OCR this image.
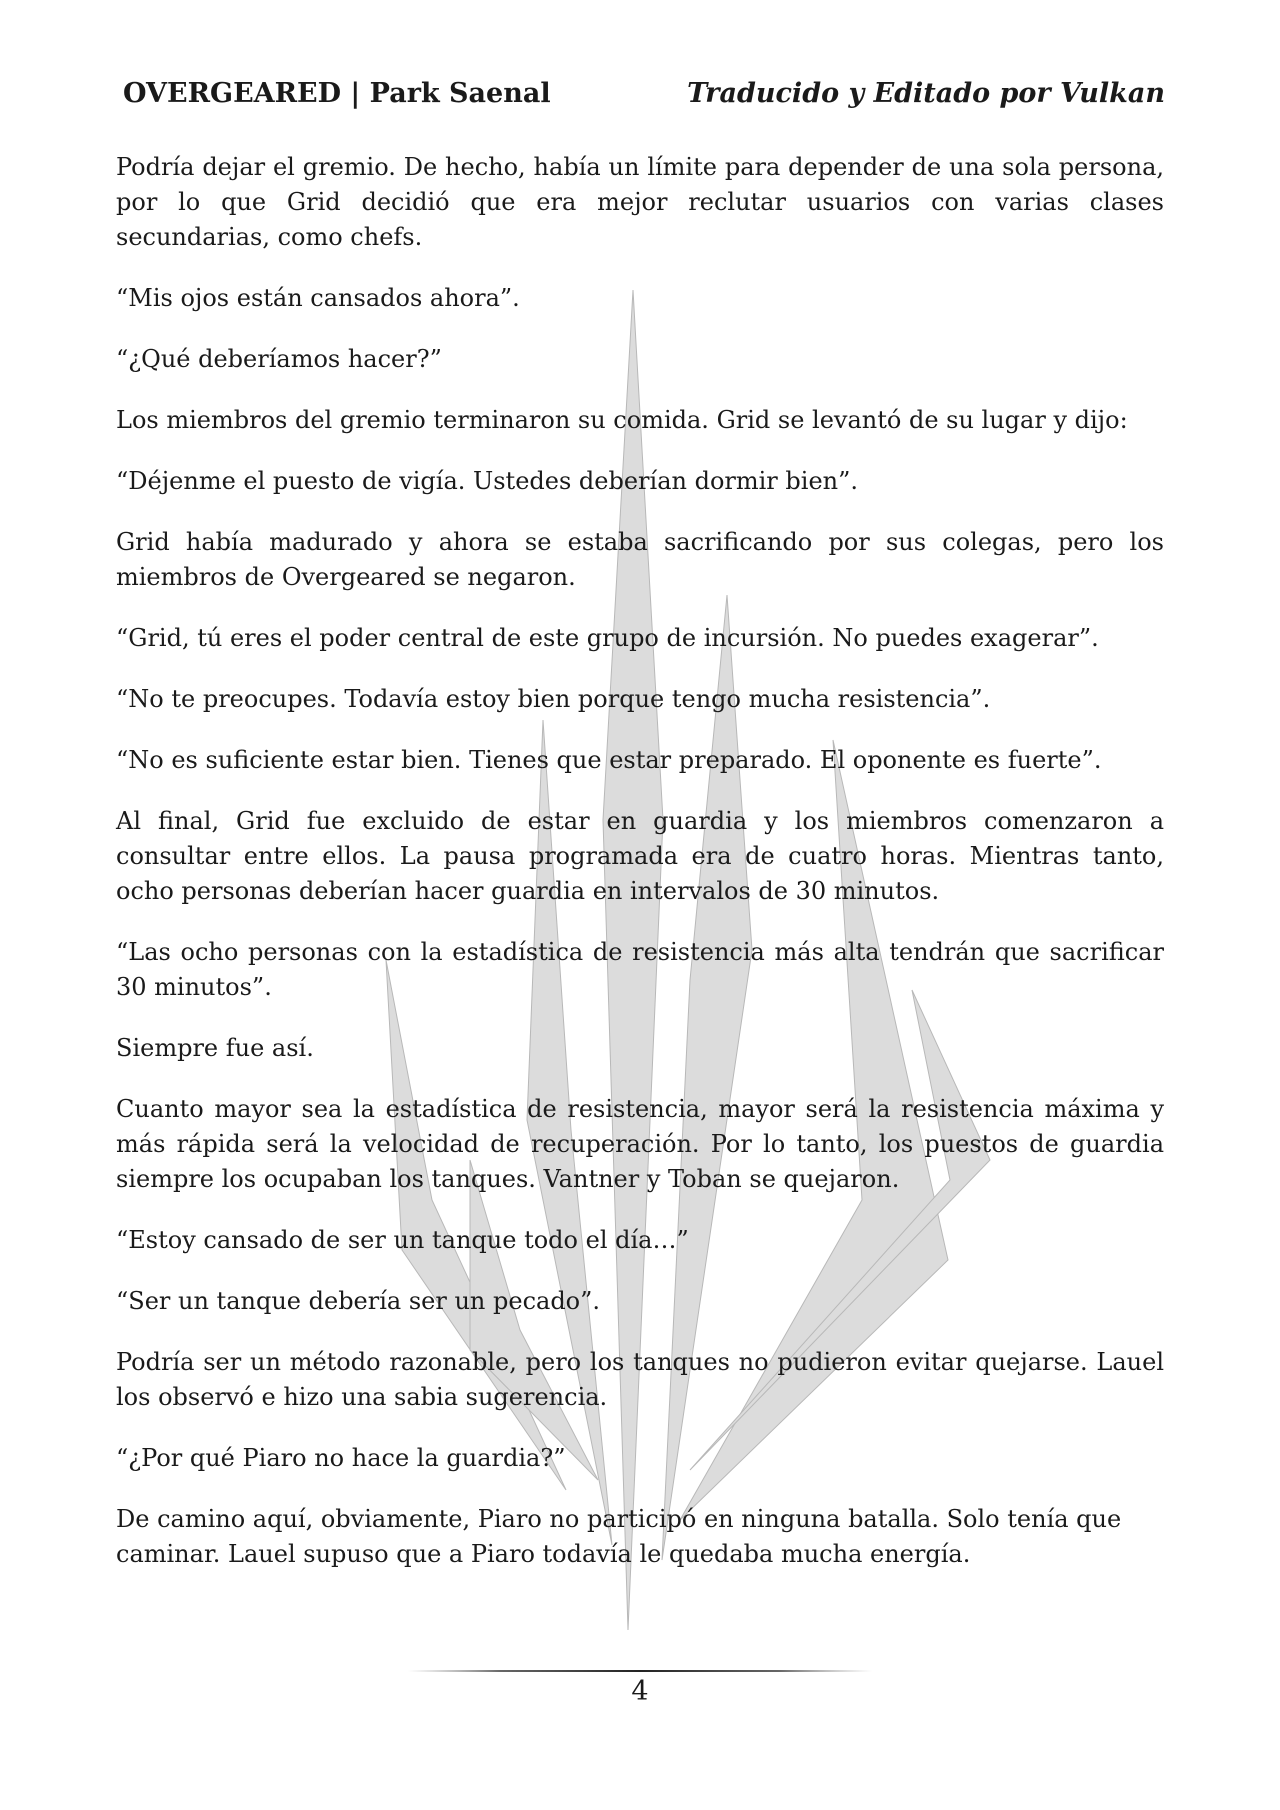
OVERGEARED | Park Saenal	Traducido y Editado por Vulkan

Podría dejar el gremio. De hecho, había un límite para depender de una sola persona, por lo que Grid decidió que era mejor reclutar usuarios con varias clases secundarias, como chefs.

“Mis ojos están cansados ahora”.

“¿Qué deberíamos hacer?”

Los miembros del gremio terminaron su comida. Grid se levantó de su lugar y dijo:

“Déjenme el puesto de vigía. Ustedes deberían dormir bien”.

Grid había madurado y ahora se estaba sacrificando por sus colegas, pero los miembros de Overgeared se negaron.

“Grid, tú eres el poder central de este grupo de incursión. No puedes exagerar”.

“No te preocupes. Todavía estoy bien porque tengo mucha resistencia”.

“No es suficiente estar bien. Tienes que estar preparado. El oponente es fuerte”.

Al final, Grid fue excluido de estar en guardia y los miembros comenzaron a consultar entre ellos. La pausa programada era de cuatro horas. Mientras tanto, ocho personas deberían hacer guardia en intervalos de 30 minutos.

“Las ocho personas con la estadística de resistencia más alta tendrán que sacrificar 30 minutos”.

Siempre fue así.

Cuanto mayor sea la estadística de resistencia, mayor será la resistencia máxima y más rápida será la velocidad de recuperación. Por lo tanto, los puestos de guardia siempre los ocupaban los tanques. Vantner y Toban se quejaron.

“Estoy cansado de ser un tanque todo el día…”

“Ser un tanque debería ser un pecado”.

Podría ser un método razonable, pero los tanques no pudieron evitar quejarse. Lauel los observó e hizo una sabia sugerencia.

“¿Por qué Piaro no hace la guardia?”

De camino aquí, obviamente, Piaro no participó en ninguna batalla. Solo tenía que caminar. Lauel supuso que a Piaro todavía le quedaba mucha energía.

4
